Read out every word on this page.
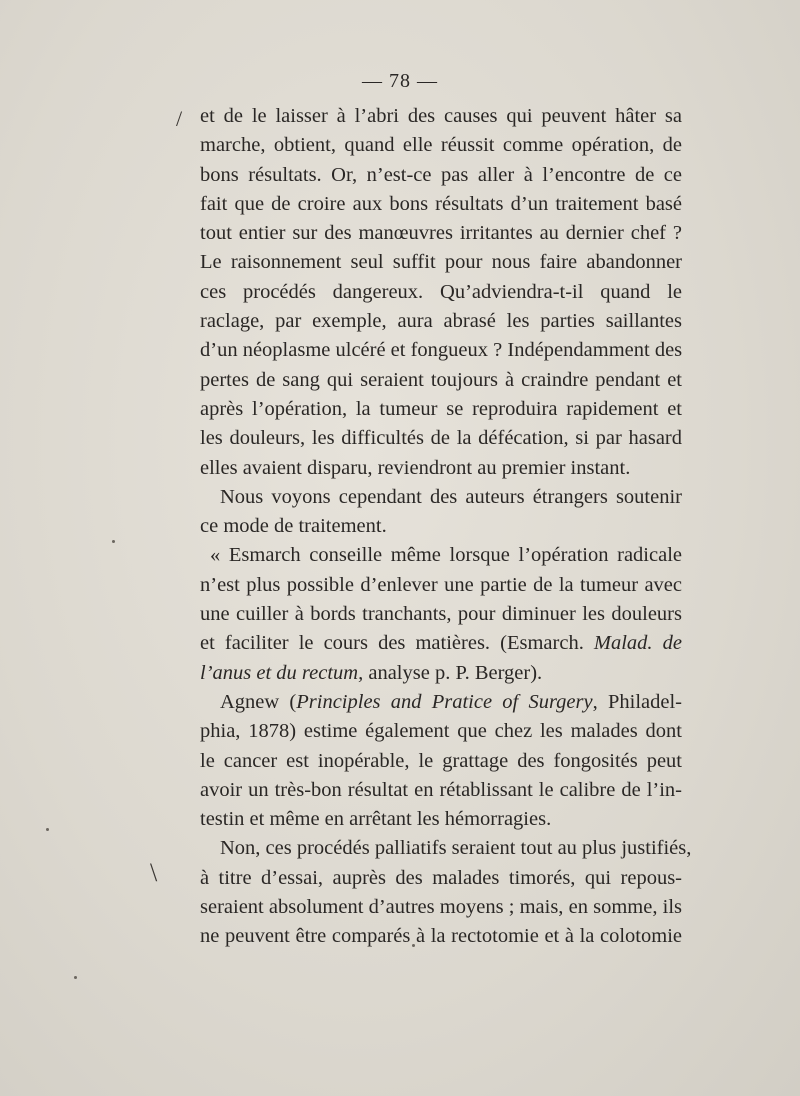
— 78 —
/
\
et de le laisser à l’abri des causes qui peuvent hâter sa
marche, obtient, quand elle réussit comme opération, de
bons résultats. Or, n’est-ce pas aller à l’encontre de ce
fait que de croire aux bons résultats d’un traitement basé
tout entier sur des manœuvres irritantes au dernier chef ?
Le raisonnement seul suffit pour nous faire abandonner
ces procédés dangereux. Qu’adviendra-t-il quand le
raclage, par exemple, aura abrasé les parties saillantes
d’un néoplasme ulcéré et fongueux ? Indépendamment des
pertes de sang qui seraient toujours à craindre pendant et
après l’opération, la tumeur se reproduira rapidement et
les douleurs, les difficultés de la défécation, si par hasard
elles avaient disparu, reviendront au premier instant.
Nous voyons cependant des auteurs étrangers soutenir
ce mode de traitement.
« Esmarch conseille même lorsque l’opération radicale
n’est plus possible d’enlever une partie de la tumeur avec
une cuiller à bords tranchants, pour diminuer les douleurs
et faciliter le cours des matières. (Esmarch. Malad. de
l’anus et du rectum, analyse p. P. Berger).
Agnew (Principles and Pratice of Surgery, Philadel-
phia, 1878) estime également que chez les malades dont
le cancer est inopérable, le grattage des fongosités peut
avoir un très-bon résultat en rétablissant le calibre de l’in-
testin et même en arrêtant les hémorragies.
Non, ces procédés palliatifs seraient tout au plus justifiés,
à titre d’essai, auprès des malades timorés, qui repous-
seraient absolument d’autres moyens ; mais, en somme, ils
ne peuvent être comparés à la rectotomie et à la colotomie
